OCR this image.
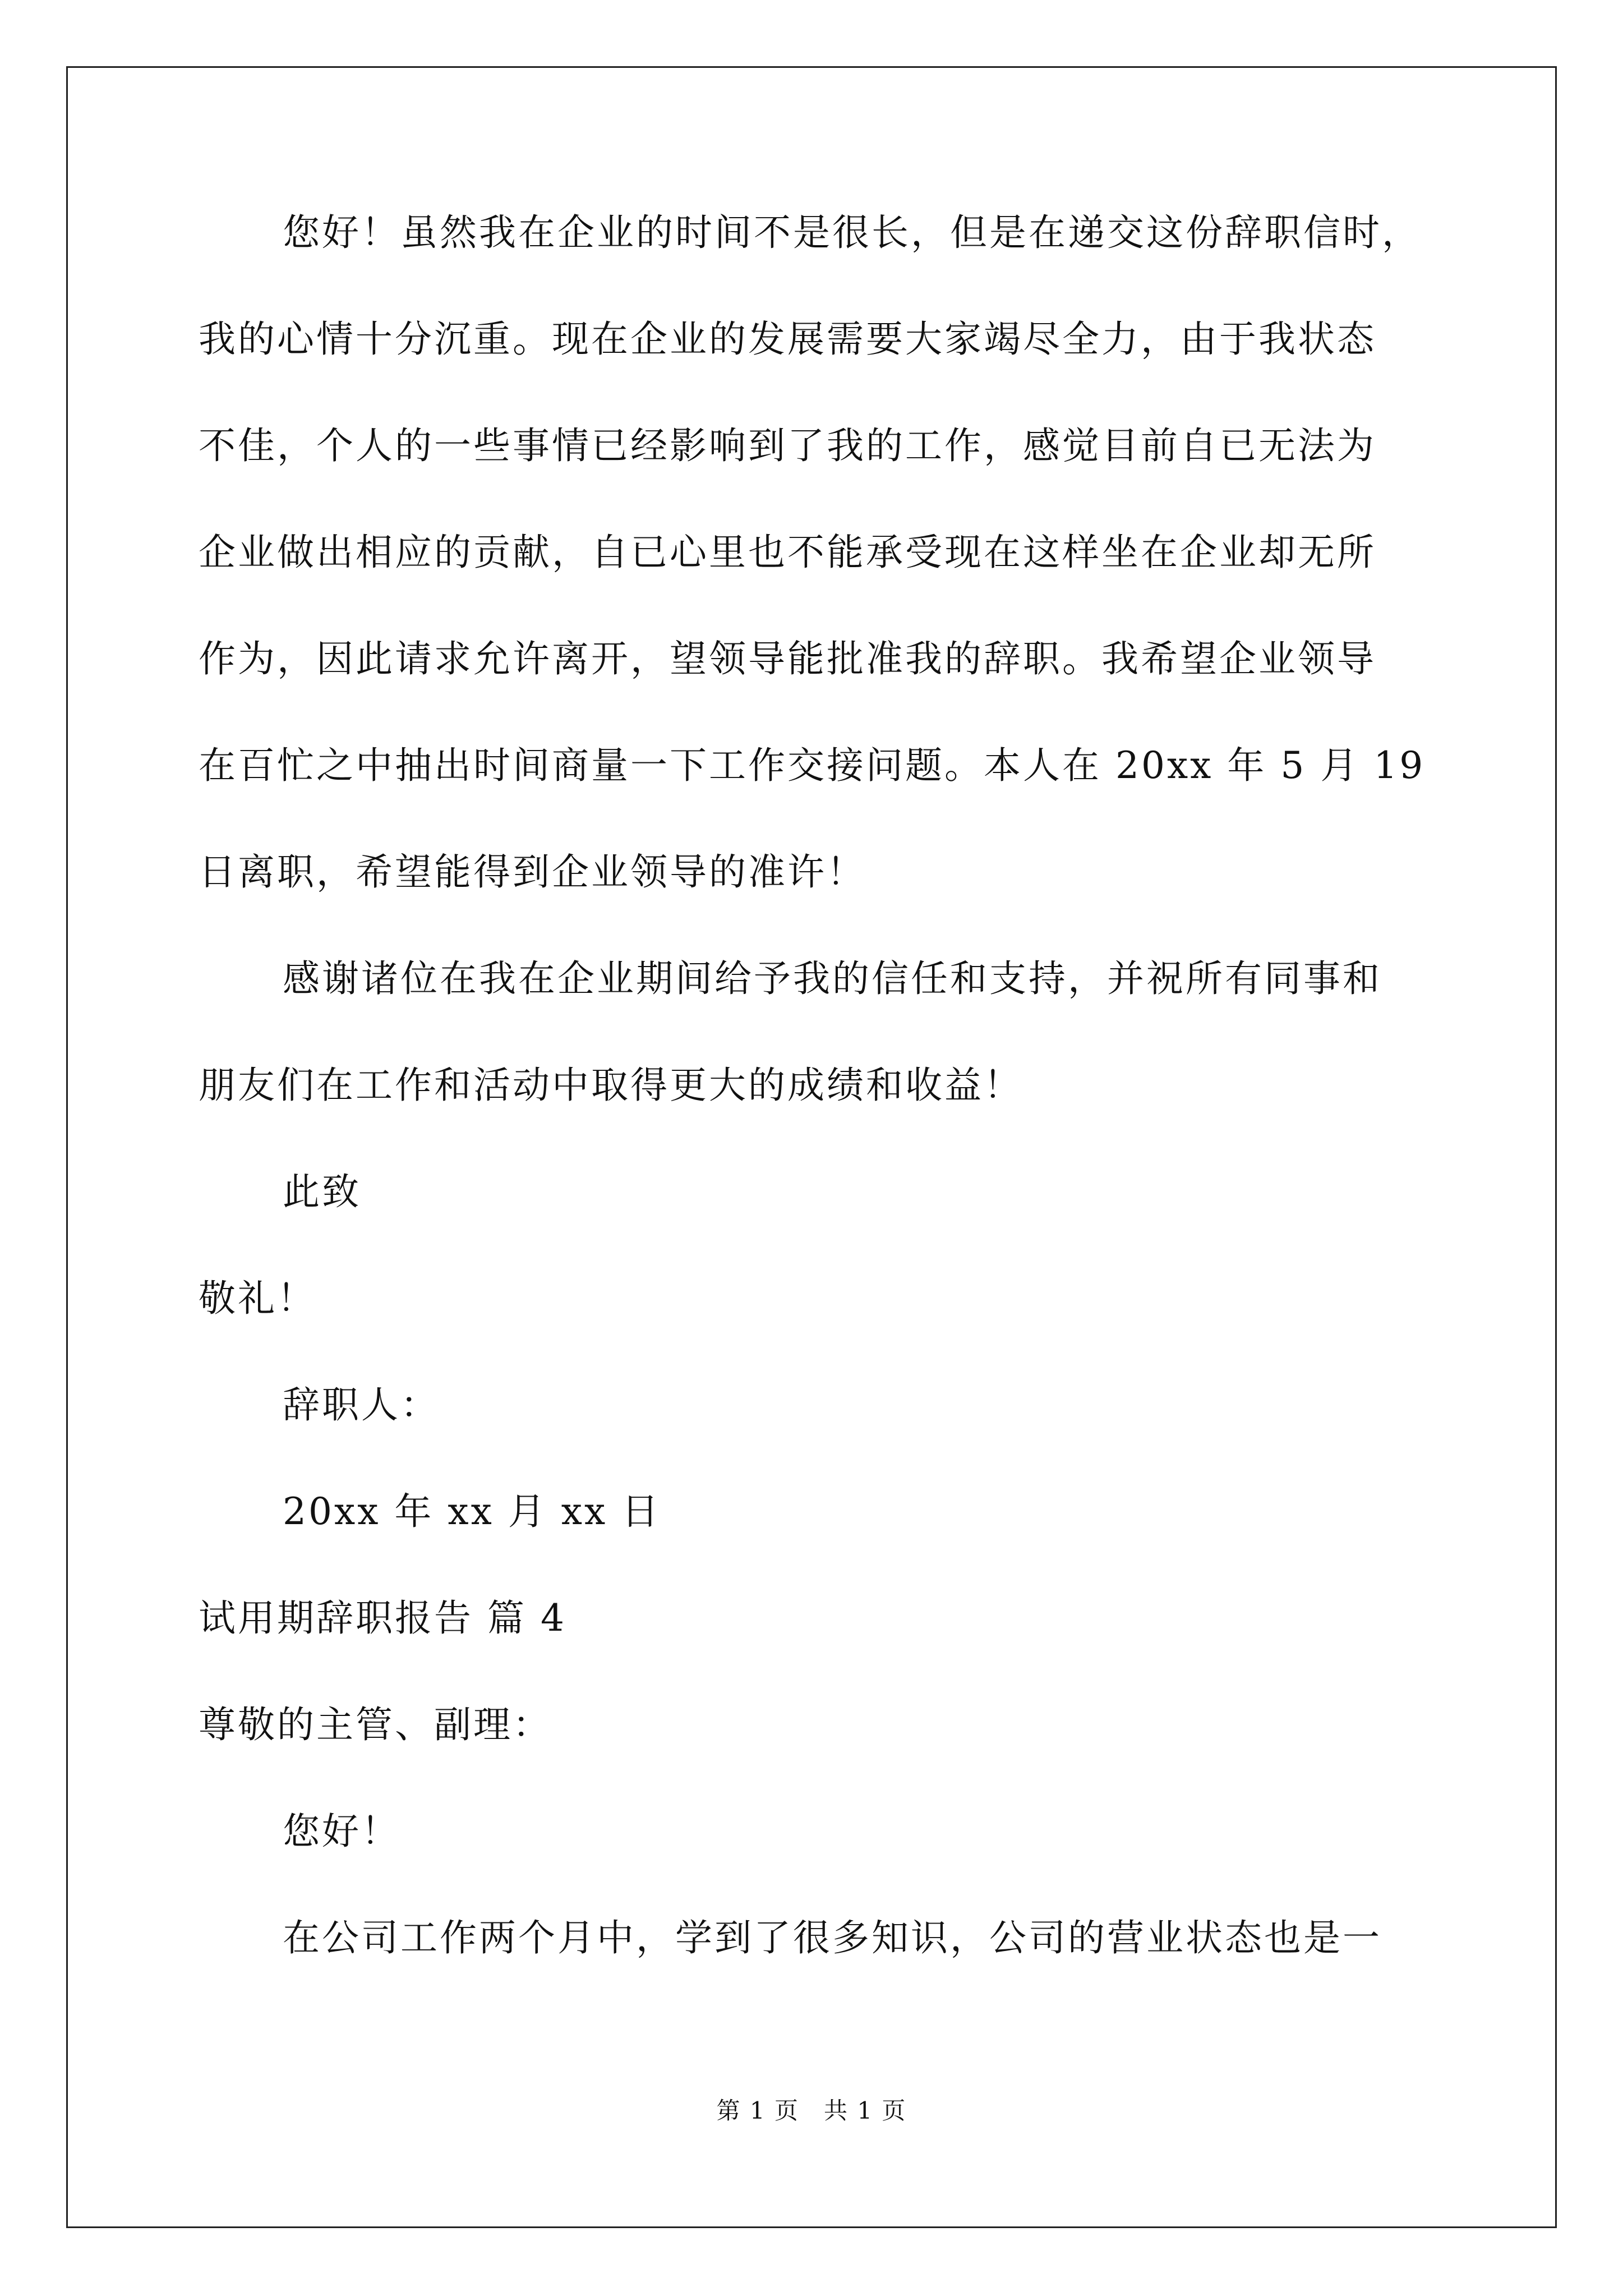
您好！虽然我在企业的时间不是很长，但是在递交这份辞职信时，
我的心情十分沉重。现在企业的发展需要大家竭尽全力，由于我状态
不佳，个人的一些事情已经影响到了我的工作，感觉目前自已无法为
企业做出相应的贡献，自已心里也不能承受现在这样坐在企业却无所
作为，因此请求允许离开，望领导能批准我的辞职。我希望企业领导
在百忙之中抽出时间商量一下工作交接问题。本人在 20xx 年 5 月 19
日离职，希望能得到企业领导的准许！
感谢诸位在我在企业期间给予我的信任和支持，并祝所有同事和
朋友们在工作和活动中取得更大的成绩和收益！
此致
敬礼！
辞职人：
20xx 年 xx 月 xx 日
试用期辞职报告 篇 4
尊敬的主管、副理：
您好！
在公司工作两个月中，学到了很多知识，公司的营业状态也是一
第 1 页　共 1 页
